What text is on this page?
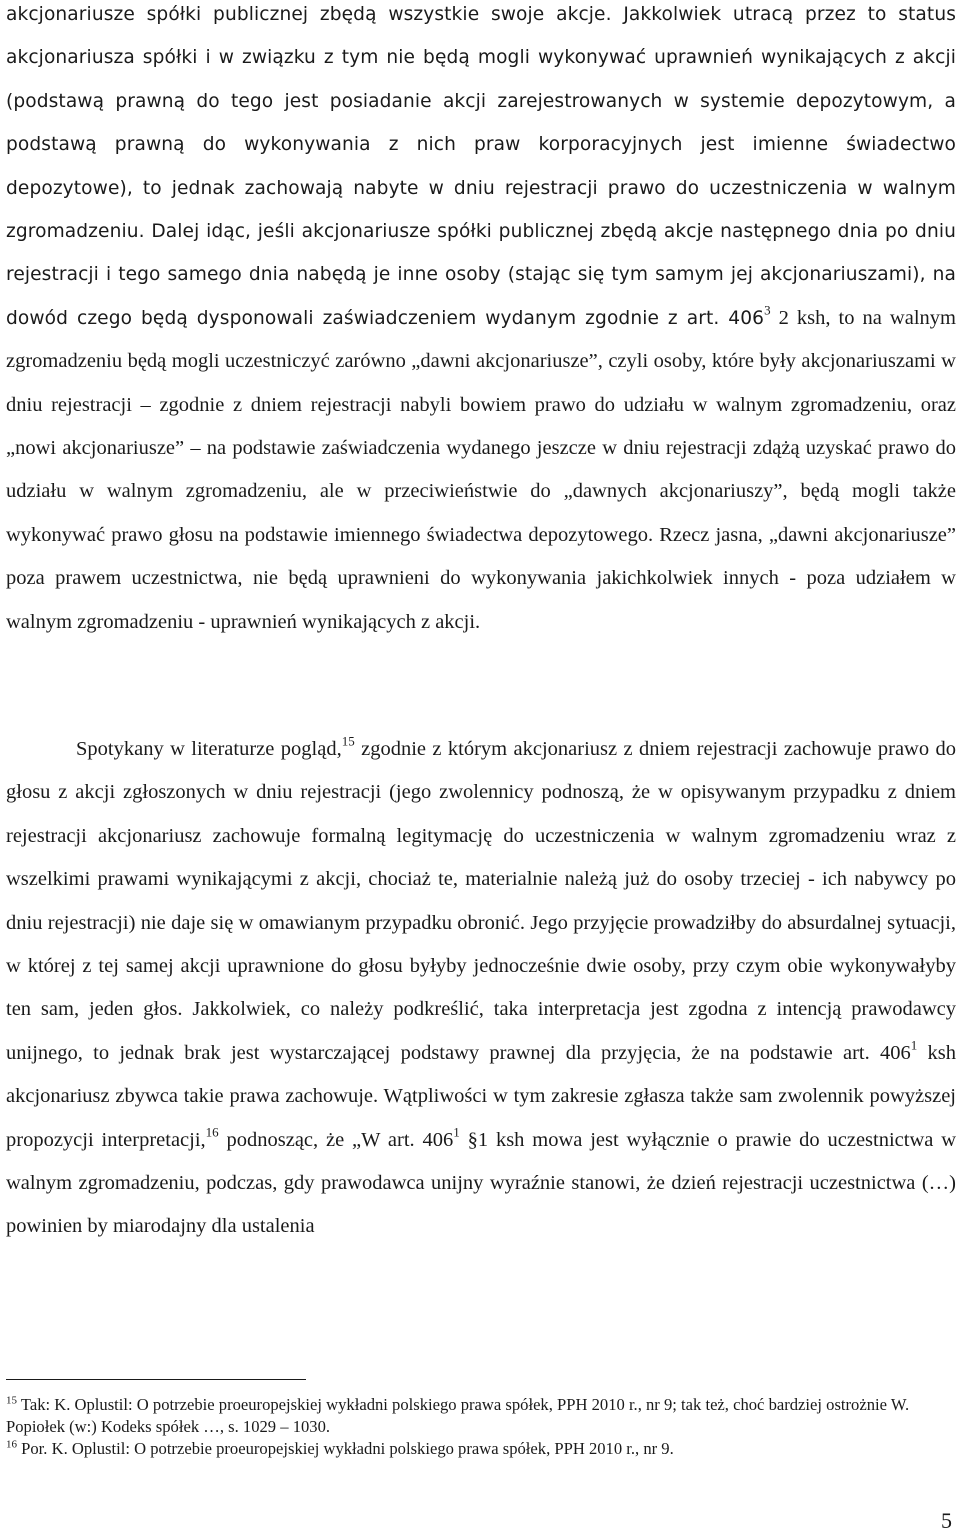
akcjonariusze spółki publicznej zbędą wszystkie swoje akcje. Jakkolwiek utracą przez to status akcjonariusza spółki i w związku z tym nie będą mogli wykonywać uprawnień wynikających z akcji (podstawą prawną do tego jest posiadanie akcji zarejestrowanych w systemie depozytowym, a podstawą prawną do wykonywania z nich praw korporacyjnych jest imienne świadectwo depozytowe), to jednak zachowają nabyte w dniu rejestracji prawo do uczestniczenia w walnym zgromadzeniu. Dalej idąc, jeśli akcjonariusze spółki publicznej zbędą akcje następnego dnia po dniu rejestracji i tego samego dnia nabędą je inne osoby (stając się tym samym jej akcjonariuszami), na dowód czego będą dysponowali zaświadczeniem wydanym zgodnie z art. $406^3$ 2 ksh, to na walnym zgromadzeniu będą mogli uczestniczyć zarówno „dawni akcjonariusze”, czyli osoby, które były akcjonariuszami w dniu rejestracji – zgodnie z dniem rejestracji nabyli bowiem prawo do udziału w walnym zgromadzeniu, oraz „nowi akcjonariusze” – na podstawie zaświadczenia wydanego jeszcze w dniu rejestracji zdążą uzyskać prawo do udziału w walnym zgromadzeniu, ale w przeciwieństwie do „dawnych akcjonariuszy”, będą mogli także wykonywać prawo głosu na podstawie imiennego świadectwa depozytowego. Rzecz jasna, „dawni akcjonariusze” poza prawem uczestnictwa, nie będą uprawnieni do wykonywania jakichkolwiek innych - poza udziałem w walnym zgromadzeniu - uprawnień wynikających z akcji.

Spotykany w literaturze pogląd,$^{15}$ zgodnie z którym akcjonariusz z dniem rejestracji zachowuje prawo do głosu z akcji zgłoszonych w dniu rejestracji (jego zwolennicy podnoszą, że w opisywanym przypadku z dniem rejestracji akcjonariusz zachowuje formalną legitymację do uczestniczenia w walnym zgromadzeniu wraz z wszelkimi prawami wynikającymi z akcji, chociaż te, materialnie należą już do osoby trzeciej - ich nabywcy po dniu rejestracji) nie daje się w omawianym przypadku obronić. Jego przyjęcie prowadziłby do absurdalnej sytuacji, w której z tej samej akcji uprawnione do głosu byłyby jednocześnie dwie osoby, przy czym obie wykonywałyby ten sam, jeden głos. Jakkolwiek, co należy podkreślić, taka interpretacja jest zgodna z intencją prawodawcy unijnego, to jednak brak jest wystarczającej podstawy prawnej dla przyjęcia, że na podstawie art. $406^1$ ksh akcjonariusz zbywca takie prawa zachowuje. Wątpliwości w tym zakresie zgłasza także sam zwolennik powyższej propozycji interpretacji,$^{16}$ podnosząc, że „W art. $406^1$ §1 ksh mowa jest wyłącznie o prawie do uczestnictwa w walnym zgromadzeniu, podczas, gdy prawodawca unijny wyraźnie stanowi, że dzień rejestracji uczestnictwa (…) powinien by miarodajny dla ustalenia

$^{15}$ Tak: K. Oplustil: O potrzebie proeuropejskiej wykładni polskiego prawa spółek, PPH 2010 r., nr 9; tak też, choć bardziej ostrożnie W. Popiołek (w:) Kodeks spółek …, s. 1029 – 1030.

$^{16}$ Por. K. Oplustil: O potrzebie proeuropejskiej wykładni polskiego prawa spółek, PPH 2010 r., nr 9.

5
